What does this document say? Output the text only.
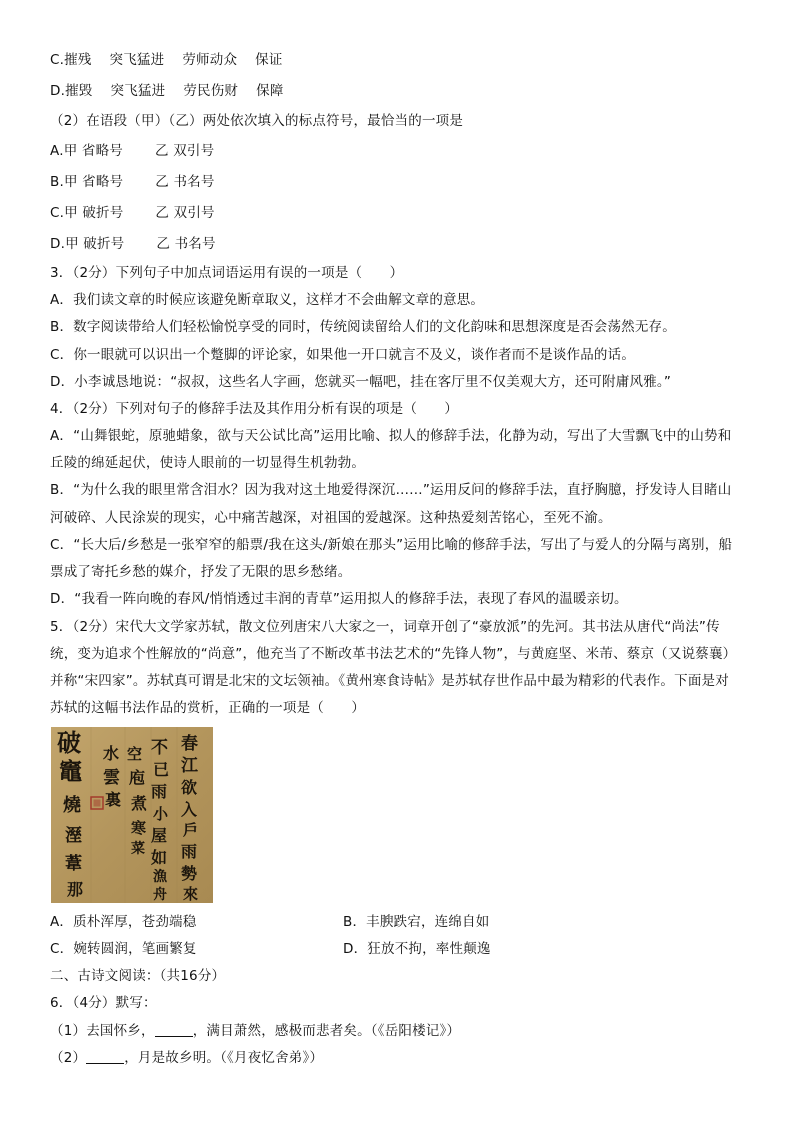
C.摧残 突飞猛进 劳师动众 保证
D.摧毁 突飞猛进 劳民伤财 保障
（2）在语段（甲）（乙）两处依次填入的标点符号，最恰当的一项是
A.甲 省略号 乙 双引号
B.甲 省略号 乙 书名号
C.甲 破折号 乙 双引号
D.甲 破折号 乙 书名号
3．（2分）下列句子中加点词语运用有误的一项是（　　）
A．我们读文章的时候应该避免断章取义，这样才不会曲解文章的意思。
B．数字阅读带给人们轻松愉悦享受的同时，传统阅读留给人们的文化韵味和思想深度是否会荡然无存。
C．你一眼就可以识出一个蹩脚的评论家，如果他一开口就言不及义，谈作者而不是谈作品的话。
D．小李诚恳地说：“叔叔，这些名人字画，您就买一幅吧，挂在客厅里不仅美观大方，还可附庸风雅。”
4．（2分）下列对句子的修辞手法及其作用分析有误的项是（　　）
A．“山舞银蛇，原驰蜡象，欲与天公试比高”运用比喻、拟人的修辞手法，化静为动，写出了大雪飘飞中的山势和
丘陵的绵延起伏，使诗人眼前的一切显得生机勃勃。
B．“为什么我的眼里常含泪水？因为我对这土地爱得深沉……”运用反问的修辞手法，直抒胸臆，抒发诗人目睹山
河破碎、人民涂炭的现实，心中痛苦越深，对祖国的爱越深。这种热爱刻苦铭心，至死不渝。
C．“长大后/乡愁是一张窄窄的船票/我在这头/新娘在那头”运用比喻的修辞手法，写出了与爱人的分隔与离别，船
票成了寄托乡愁的媒介，抒发了无限的思乡愁绪。
D．“我看一阵向晚的春风/悄悄透过丰润的青草”运用拟人的修辞手法，表现了春风的温暖亲切。
5．（2分）宋代大文学家苏轼，散文位列唐宋八大家之一，词章开创了“豪放派”的先河。其书法从唐代“尚法”传
统，变为追求个性解放的“尚意”，他充当了不断改革书法艺术的“先锋人物”，与黄庭坚、米芾、蔡京（又说蔡襄）
并称“宋四家”。苏轼真可谓是北宋的文坛领袖。《黄州寒食诗帖》是苏轼存世作品中最为精彩的代表作。下面是对
苏轼的这幅书法作品的赏析，正确的一项是（　　）
破
竈
燒
溼
葦
那
水
雲
裏
空
庖
煮
寒
菜
不
已
雨
小
屋
如
漁
舟
春
江
欲
入
戶
雨
勢
來
A．质朴浑厚，苍劲端稳	B．丰腴跌宕，连绵自如
C．婉转圆润，笔画繁复	D．狂放不拘，率性颠逸
二、古诗文阅读：（共16分）
6．（4分）默写：
（1）去国怀乡，	，满目萧然，感极而悲者矣。（《岳阳楼记》）
（2）	，月是故乡明。（《月夜忆舍弟》）
